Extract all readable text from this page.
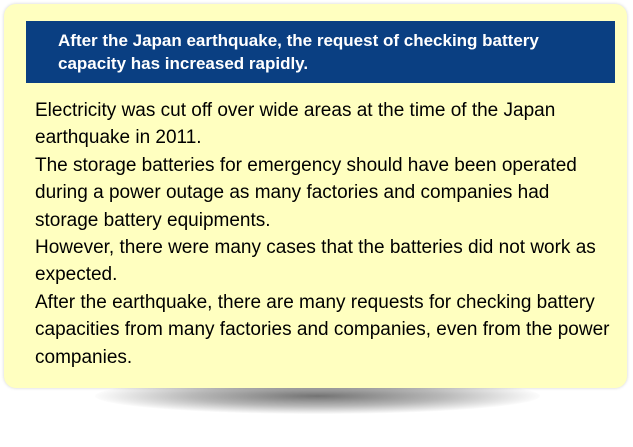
After the Japan earthquake, the request of checking battery
capacity has increased rapidly.

Electricity was cut off over wide areas at the time of the Japan earthquake in 2011.

The storage batteries for emergency should have been operated during a power outage as many factories and companies had storage battery equipments.

However, there were many cases that the batteries did not work as expected.

After the earthquake, there are many requests for checking battery capacities from many factories and companies, even from the power companies.
